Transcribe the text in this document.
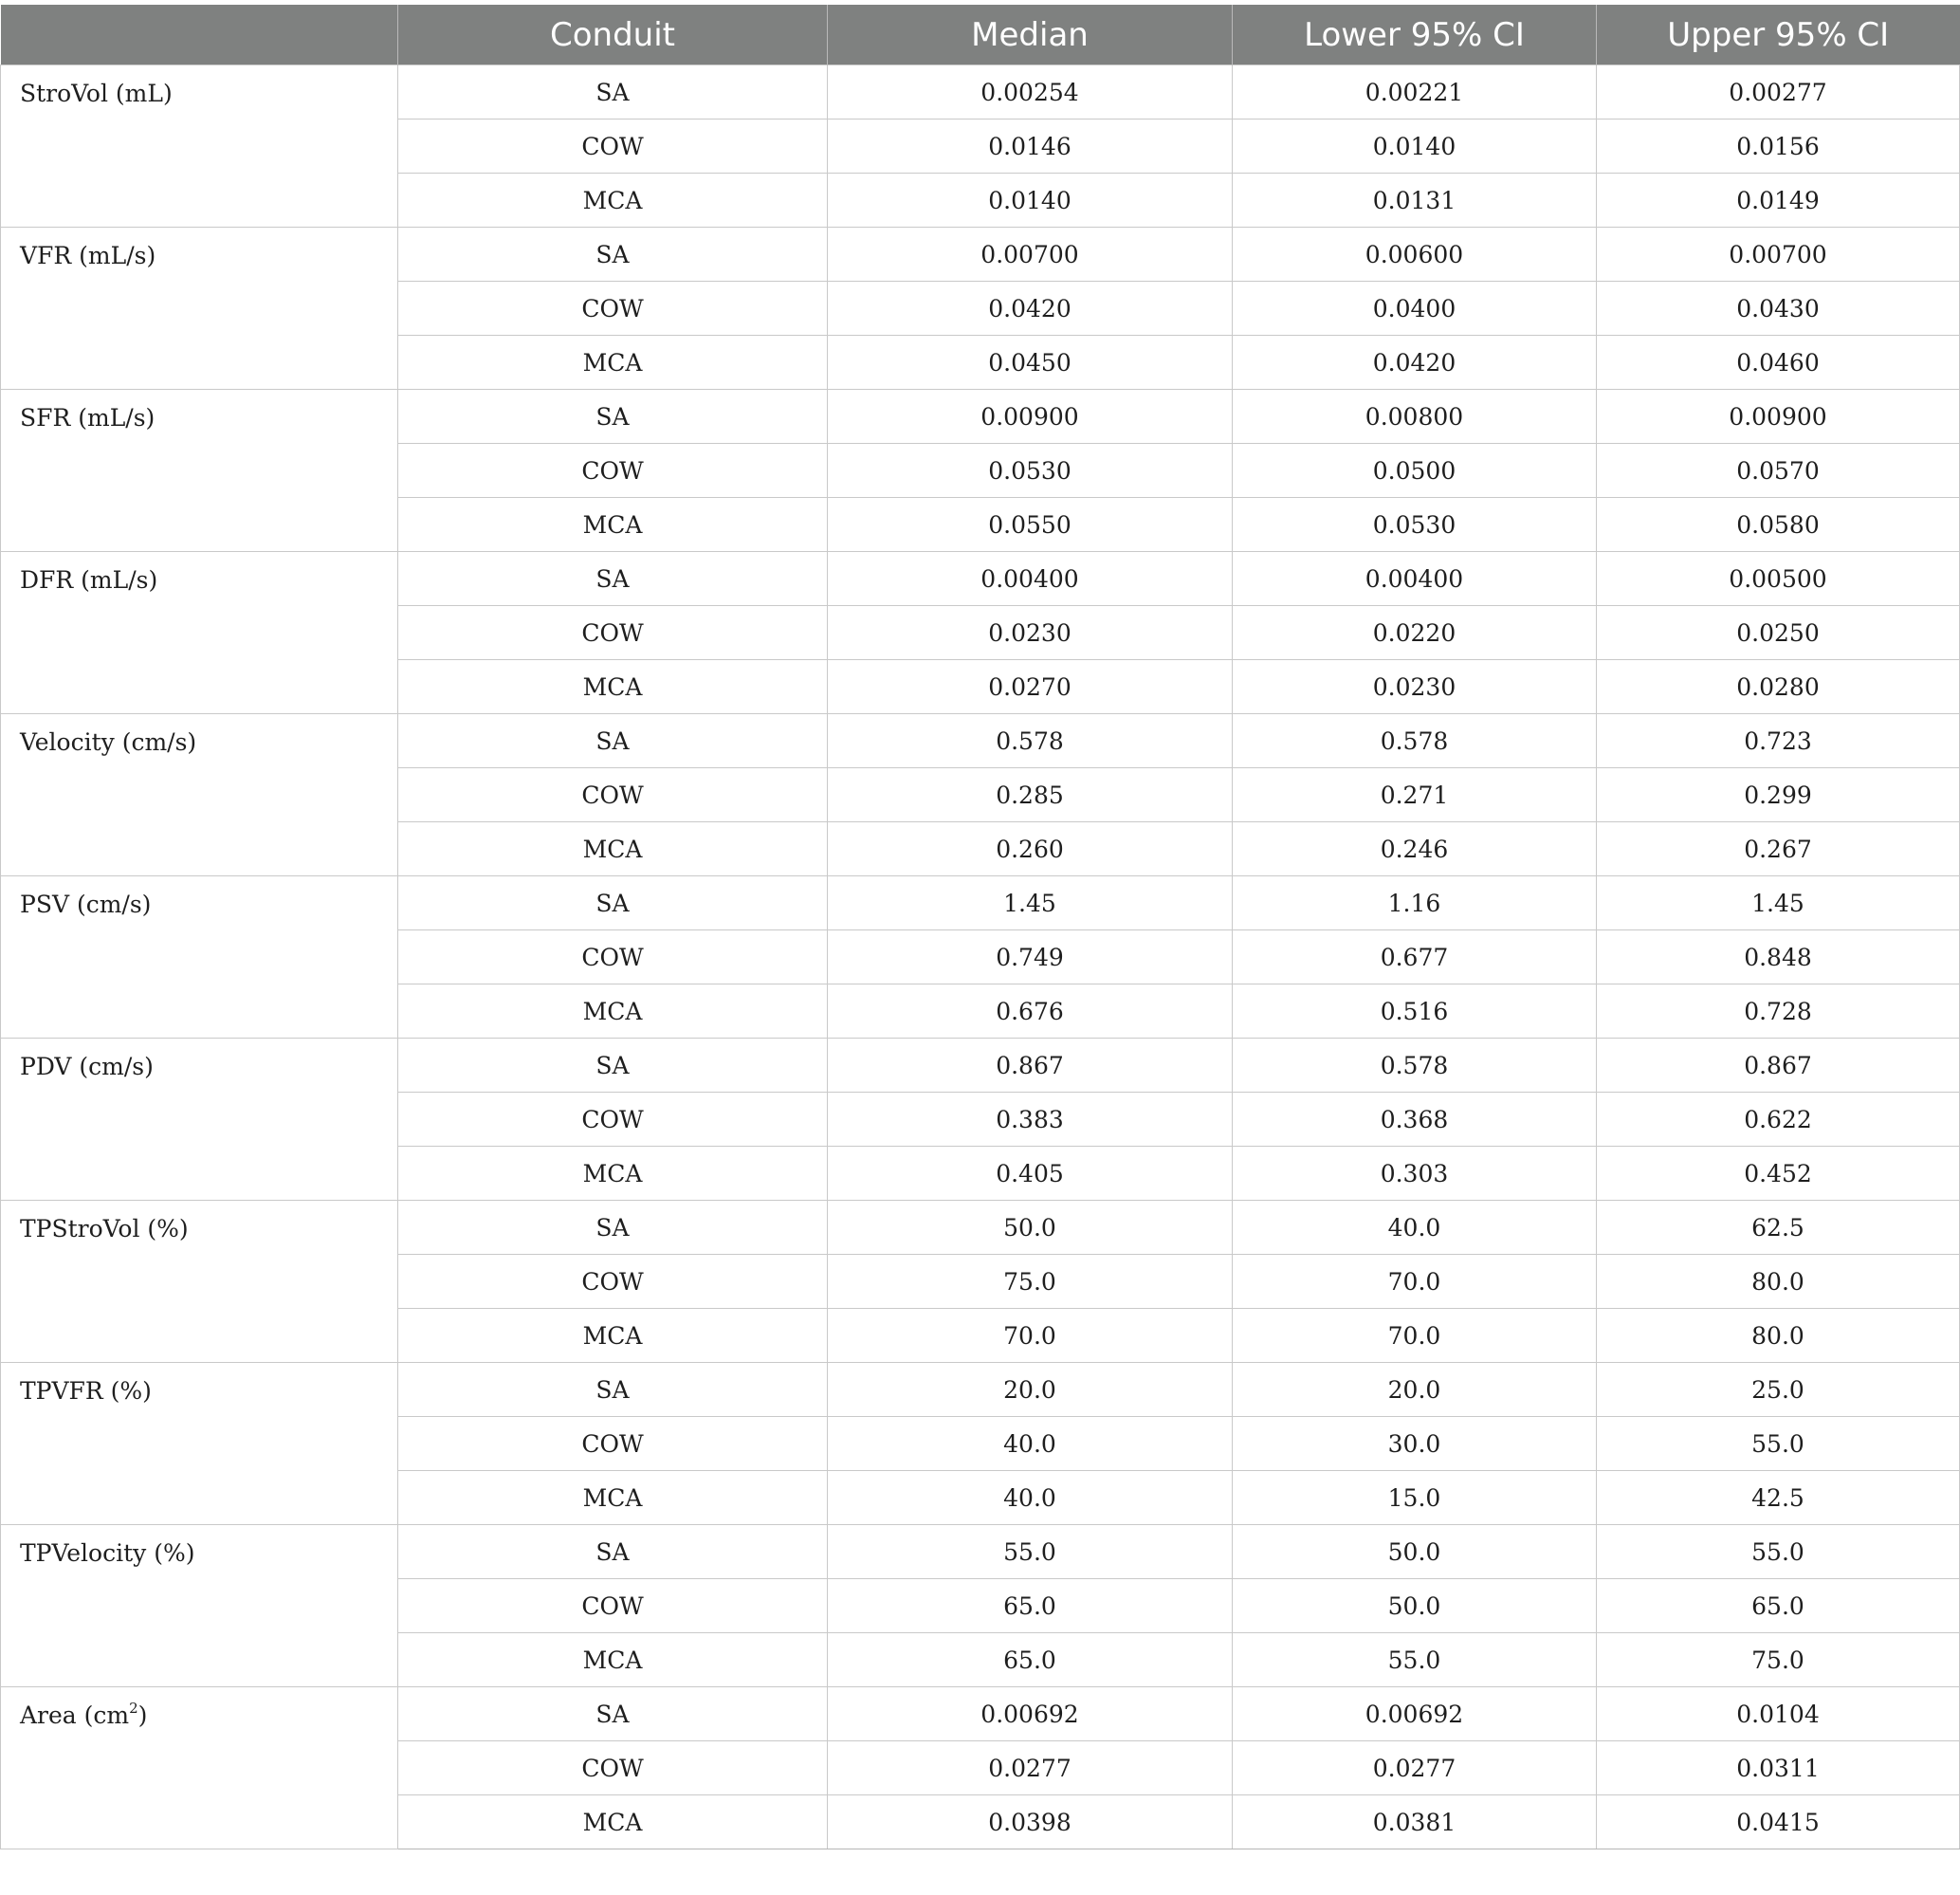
	Conduit	Median	Lower 95% CI	Upper 95% CI
StroVol (mL)	SA	0.00254	0.00221	0.00277
	COW	0.0146	0.0140	0.0156
	MCA	0.0140	0.0131	0.0149
VFR (mL/s)	SA	0.00700	0.00600	0.00700
	COW	0.0420	0.0400	0.0430
	MCA	0.0450	0.0420	0.0460
SFR (mL/s)	SA	0.00900	0.00800	0.00900
	COW	0.0530	0.0500	0.0570
	MCA	0.0550	0.0530	0.0580
DFR (mL/s)	SA	0.00400	0.00400	0.00500
	COW	0.0230	0.0220	0.0250
	MCA	0.0270	0.0230	0.0280
Velocity (cm/s)	SA	0.578	0.578	0.723
	COW	0.285	0.271	0.299
	MCA	0.260	0.246	0.267
PSV (cm/s)	SA	1.45	1.16	1.45
	COW	0.749	0.677	0.848
	MCA	0.676	0.516	0.728
PDV (cm/s)	SA	0.867	0.578	0.867
	COW	0.383	0.368	0.622
	MCA	0.405	0.303	0.452
TPStroVol (%)	SA	50.0	40.0	62.5
	COW	75.0	70.0	80.0
	MCA	70.0	70.0	80.0
TPVFR (%)	SA	20.0	20.0	25.0
	COW	40.0	30.0	55.0
	MCA	40.0	15.0	42.5
TPVelocity (%)	SA	55.0	50.0	55.0
	COW	65.0	50.0	65.0
	MCA	65.0	55.0	75.0
Area $(cm^2)$	SA	0.00692	0.00692	0.0104
	COW	0.0277	0.0277	0.0311
	MCA	0.0398	0.0381	0.0415
